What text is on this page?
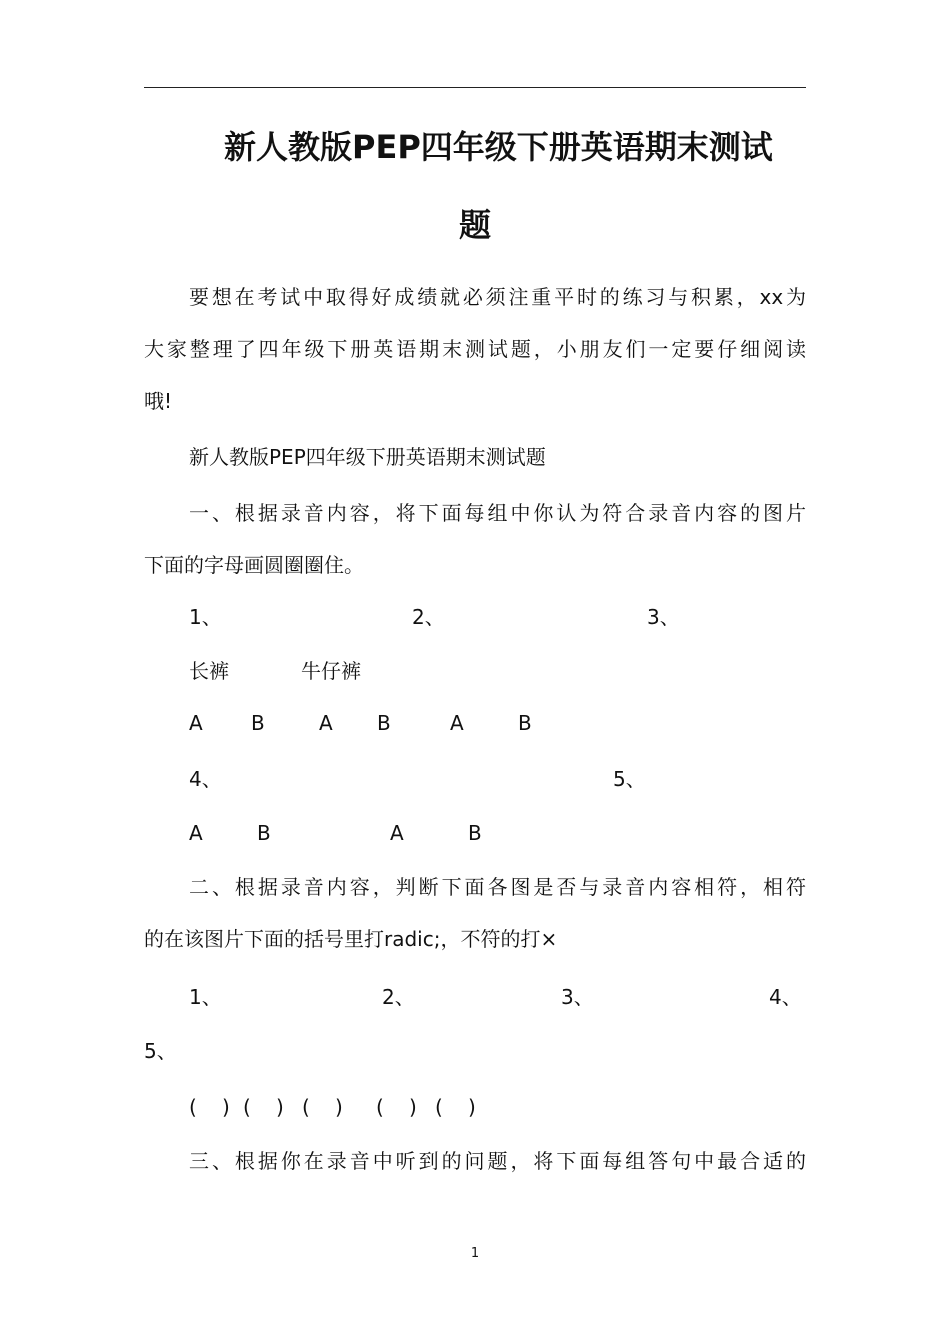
新人教版PEP四年级下册英语期末测试
题
要想在考试中取得好成绩就必须注重平时的练习与积累，xx为
大家整理了四年级下册英语期末测试题，小朋友们一定要仔细阅读
哦!
新人教版PEP四年级下册英语期末测试题
一、根据录音内容，将下面每组中你认为符合录音内容的图片
下面的字母画圆圈圈住。
1、	2、	3、
长裤	牛仔裤
A B	A B	A	B
4、	5、
A	B	A	B
二、根据录音内容，判断下面各图是否与录音内容相符，相符
的在该图片下面的括号里打radic;，不符的打×
1、	2、	3、	4、
5、
( ) ( ) ( ) ( ) ( )
三、根据你在录音中听到的问题，将下面每组答句中最合适的
1
